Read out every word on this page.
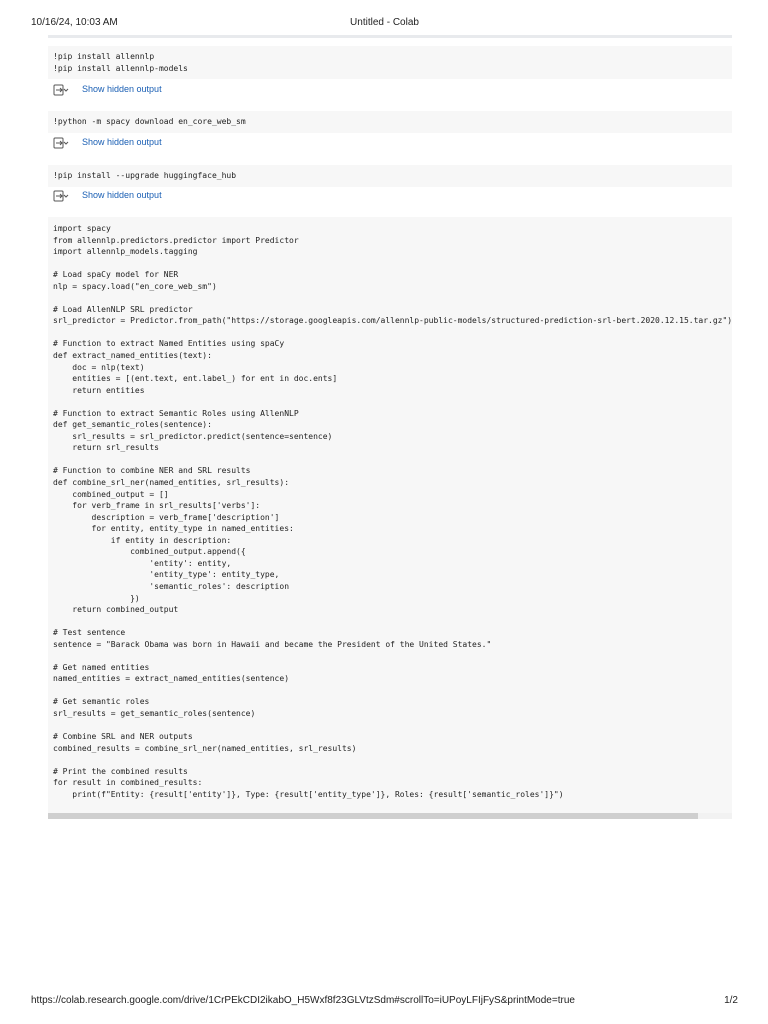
10/16/24, 10:03 AM	Untitled - Colab
!pip install allennlp
!pip install allennlp-models
Show hidden output
!python -m spacy download en_core_web_sm
Show hidden output
!pip install --upgrade huggingface_hub
Show hidden output
import spacy
from allennlp.predictors.predictor import Predictor
import allennlp_models.tagging

# Load spaCy model for NER
nlp = spacy.load("en_core_web_sm")

# Load AllenNLP SRL predictor
srl_predictor = Predictor.from_path("https://storage.googleapis.com/allennlp-public-models/structured-prediction-srl-bert.2020.12.15.tar.gz")

# Function to extract Named Entities using spaCy
def extract_named_entities(text):
doc = nlp(text)
entities = [(ent.text, ent.label_) for ent in doc.ents]
return entities

# Function to extract Semantic Roles using AllenNLP
def get_semantic_roles(sentence):
srl_results = srl_predictor.predict(sentence=sentence)
return srl_results

# Function to combine NER and SRL results
def combine_srl_ner(named_entities, srl_results):
combined_output = []
for verb_frame in srl_results['verbs']:
description = verb_frame['description']
for entity, entity_type in named_entities:
if entity in description:
combined_output.append({
'entity': entity,
'entity_type': entity_type,
'semantic_roles': description
})
return combined_output

# Test sentence
sentence = "Barack Obama was born in Hawaii and became the President of the United States."

# Get named entities
named_entities = extract_named_entities(sentence)

# Get semantic roles
srl_results = get_semantic_roles(sentence)

# Combine SRL and NER outputs
combined_results = combine_srl_ner(named_entities, srl_results)

# Print the combined results
for result in combined_results:
print(f"Entity: {result['entity']}, Type: {result['entity_type']}, Roles: {result['semantic_roles']}")
https://colab.research.google.com/drive/1CrPEkCDI2ikabO_H5Wxf8f23GLVtzSdm#scrollTo=iUPoyLFIjFyS&printMode=true	1/2
